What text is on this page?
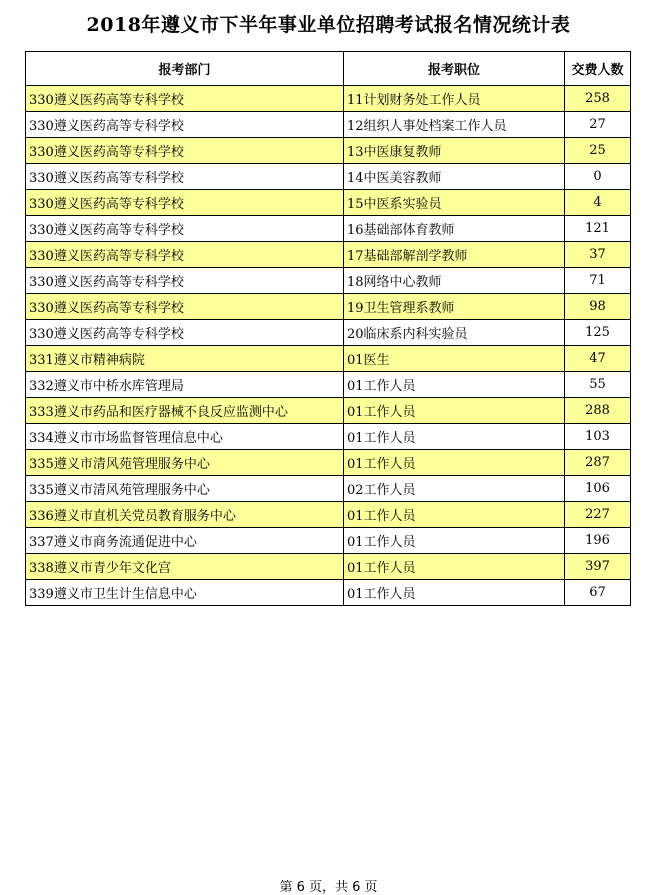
2018年遵义市下半年事业单位招聘考试报名情况统计表
报考部门	报考职位	交费人数
330遵义医药高等专科学校	11计划财务处工作人员	258
330遵义医药高等专科学校	12组织人事处档案工作人员	27
330遵义医药高等专科学校	13中医康复教师	25
330遵义医药高等专科学校	14中医美容教师	0
330遵义医药高等专科学校	15中医系实验员	4
330遵义医药高等专科学校	16基础部体育教师	121
330遵义医药高等专科学校	17基础部解剖学教师	37
330遵义医药高等专科学校	18网络中心教师	71
330遵义医药高等专科学校	19卫生管理系教师	98
330遵义医药高等专科学校	20临床系内科实验员	125
331遵义市精神病院	01医生	47
332遵义市中桥水库管理局	01工作人员	55
333遵义市药品和医疗器械不良反应监测中心	01工作人员	288
334遵义市市场监督管理信息中心	01工作人员	103
335遵义市清风苑管理服务中心	01工作人员	287
335遵义市清风苑管理服务中心	02工作人员	106
336遵义市直机关党员教育服务中心	01工作人员	227
337遵义市商务流通促进中心	01工作人员	196
338遵义市青少年文化宫	01工作人员	397
339遵义市卫生计生信息中心	01工作人员	67
第 6 页，共 6 页
